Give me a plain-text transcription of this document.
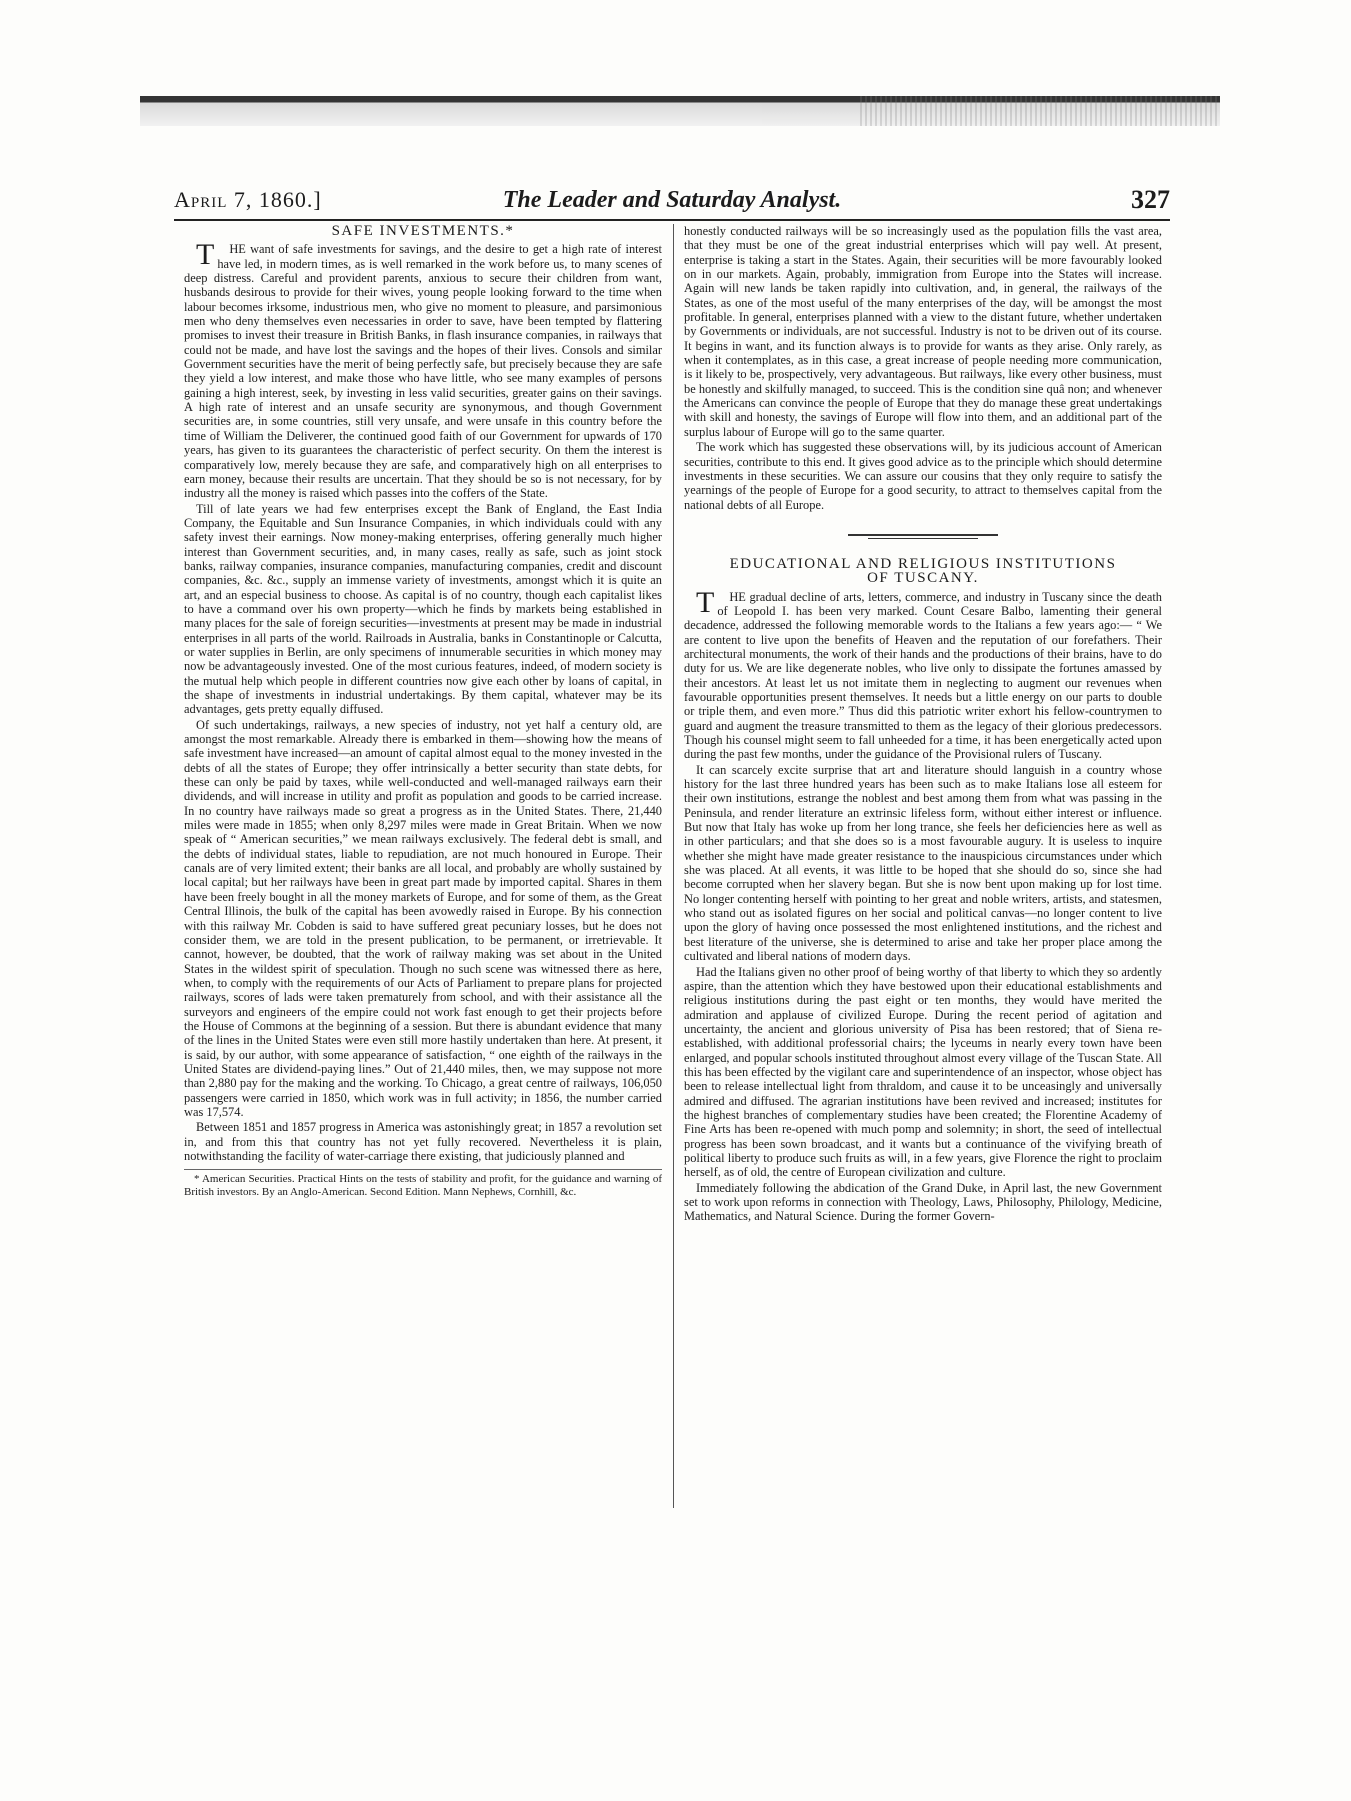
April 7, 1860.]	The Leader and Saturday Analyst.	327
SAFE INVESTMENTS.*

THE want of safe investments for savings, and the desire to get a high rate of interest have led, in modern times, as is well remarked in the work before us, to many scenes of deep distress. Careful and provident parents, anxious to secure their children from want, husbands desirous to provide for their wives, young people looking forward to the time when labour becomes irksome, industrious men, who give no moment to pleasure, and parsimonious men who deny themselves even necessaries in order to save, have been tempted by flattering promises to invest their treasure in British Banks, in flash insurance companies, in railways that could not be made, and have lost the savings and the hopes of their lives. Consols and similar Government securities have the merit of being perfectly safe, but precisely because they are safe they yield a low interest, and make those who have little, who see many examples of persons gaining a high interest, seek, by investing in less valid securities, greater gains on their savings. A high rate of interest and an unsafe security are synonymous, and though Government securities are, in some countries, still very unsafe, and were unsafe in this country before the time of William the Deliverer, the continued good faith of our Government for upwards of 170 years, has given to its guarantees the characteristic of perfect security. On them the interest is comparatively low, merely because they are safe, and comparatively high on all enterprises to earn money, because their results are uncertain. That they should be so is not necessary, for by industry all the money is raised which passes into the coffers of the State.

Till of late years we had few enterprises except the Bank of England, the East India Company, the Equitable and Sun Insurance Companies, in which individuals could with any safety invest their earnings. Now money-making enterprises, offering generally much higher interest than Government securities, and, in many cases, really as safe, such as joint stock banks, railway companies, insurance companies, manufacturing companies, credit and discount companies, &c. &c., supply an immense variety of investments, amongst which it is quite an art, and an especial business to choose. As capital is of no country, though each capitalist likes to have a command over his own property—which he finds by markets being established in many places for the sale of foreign securities—investments at present may be made in industrial enterprises in all parts of the world. Railroads in Australia, banks in Constantinople or Calcutta, or water supplies in Berlin, are only specimens of innumerable securities in which money may now be advantageously invested. One of the most curious features, indeed, of modern society is the mutual help which people in different countries now give each other by loans of capital, in the shape of investments in industrial undertakings. By them capital, whatever may be its advantages, gets pretty equally diffused.

Of such undertakings, railways, a new species of industry, not yet half a century old, are amongst the most remarkable. Already there is embarked in them—showing how the means of safe investment have increased—an amount of capital almost equal to the money invested in the debts of all the states of Europe; they offer intrinsically a better security than state debts, for these can only be paid by taxes, while well-conducted and well-managed railways earn their dividends, and will increase in utility and profit as population and goods to be carried increase. In no country have railways made so great a progress as in the United States. There, 21,440 miles were made in 1855; when only 8,297 miles were made in Great Britain. When we now speak of “ American securities,” we mean railways exclusively. The federal debt is small, and the debts of individual states, liable to repudiation, are not much honoured in Europe. Their canals are of very limited extent; their banks are all local, and probably are wholly sustained by local capital; but her railways have been in great part made by imported capital. Shares in them have been freely bought in all the money markets of Europe, and for some of them, as the Great Central Illinois, the bulk of the capital has been avowedly raised in Europe. By his connection with this railway Mr. Cobden is said to have suffered great pecuniary losses, but he does not consider them, we are told in the present publication, to be permanent, or irretrievable. It cannot, however, be doubted, that the work of railway making was set about in the United States in the wildest spirit of speculation. Though no such scene was witnessed there as here, when, to comply with the requirements of our Acts of Parliament to prepare plans for projected railways, scores of lads were taken prematurely from school, and with their assistance all the surveyors and engineers of the empire could not work fast enough to get their projects before the House of Commons at the beginning of a session. But there is abundant evidence that many of the lines in the United States were even still more hastily undertaken than here. At present, it is said, by our author, with some appearance of satisfaction, “ one eighth of the railways in the United States are dividend-paying lines.” Out of 21,440 miles, then, we may suppose not more than 2,880 pay for the making and the working. To Chicago, a great centre of railways, 106,050 passengers were carried in 1850, which work was in full activity; in 1856, the number carried was 17,574.

Between 1851 and 1857 progress in America was astonishingly great; in 1857 a revolution set in, and from this that country has not yet fully recovered. Nevertheless it is plain, notwithstanding the facility of water-carriage there existing, that judiciously planned and

* American Securities. Practical Hints on the tests of stability and profit, for the guidance and warning of British investors. By an Anglo-American. Second Edition. Mann Nephews, Cornhill, &c.

honestly conducted railways will be so increasingly used as the population fills the vast area, that they must be one of the great industrial enterprises which will pay well. At present, enterprise is taking a start in the States. Again, their securities will be more favourably looked on in our markets. Again, probably, immigration from Europe into the States will increase. Again will new lands be taken rapidly into cultivation, and, in general, the railways of the States, as one of the most useful of the many enterprises of the day, will be amongst the most profitable. In general, enterprises planned with a view to the distant future, whether undertaken by Governments or individuals, are not successful. Industry is not to be driven out of its course. It begins in want, and its function always is to provide for wants as they arise. Only rarely, as when it contemplates, as in this case, a great increase of people needing more communication, is it likely to be, prospectively, very advantageous. But railways, like every other business, must be honestly and skilfully managed, to succeed. This is the condition sine quâ non; and whenever the Americans can convince the people of Europe that they do manage these great undertakings with skill and honesty, the savings of Europe will flow into them, and an additional part of the surplus labour of Europe will go to the same quarter.

The work which has suggested these observations will, by its judicious account of American securities, contribute to this end. It gives good advice as to the principle which should determine investments in these securities. We can assure our cousins that they only require to satisfy the yearnings of the people of Europe for a good security, to attract to themselves capital from the national debts of all Europe.

EDUCATIONAL AND RELIGIOUS INSTITUTIONS
OF TUSCANY.

THE gradual decline of arts, letters, commerce, and industry in Tuscany since the death of Leopold I. has been very marked. Count Cesare Balbo, lamenting their general decadence, addressed the following memorable words to the Italians a few years ago:— “ We are content to live upon the benefits of Heaven and the reputation of our forefathers. Their architectural monuments, the work of their hands and the productions of their brains, have to do duty for us. We are like degenerate nobles, who live only to dissipate the fortunes amassed by their ancestors. At least let us not imitate them in neglecting to augment our revenues when favourable opportunities present themselves. It needs but a little energy on our parts to double or triple them, and even more.” Thus did this patriotic writer exhort his fellow-countrymen to guard and augment the treasure transmitted to them as the legacy of their glorious predecessors. Though his counsel might seem to fall unheeded for a time, it has been energetically acted upon during the past few months, under the guidance of the Provisional rulers of Tuscany.

It can scarcely excite surprise that art and literature should languish in a country whose history for the last three hundred years has been such as to make Italians lose all esteem for their own institutions, estrange the noblest and best among them from what was passing in the Peninsula, and render literature an extrinsic lifeless form, without either interest or influence. But now that Italy has woke up from her long trance, she feels her deficiencies here as well as in other particulars; and that she does so is a most favourable augury. It is useless to inquire whether she might have made greater resistance to the inauspicious circumstances under which she was placed. At all events, it was little to be hoped that she should do so, since she had become corrupted when her slavery began. But she is now bent upon making up for lost time. No longer contenting herself with pointing to her great and noble writers, artists, and statesmen, who stand out as isolated figures on her social and political canvas—no longer content to live upon the glory of having once possessed the most enlightened institutions, and the richest and best literature of the universe, she is determined to arise and take her proper place among the cultivated and liberal nations of modern days.

Had the Italians given no other proof of being worthy of that liberty to which they so ardently aspire, than the attention which they have bestowed upon their educational establishments and religious institutions during the past eight or ten months, they would have merited the admiration and applause of civilized Europe. During the recent period of agitation and uncertainty, the ancient and glorious university of Pisa has been restored; that of Siena re-established, with additional professorial chairs; the lyceums in nearly every town have been enlarged, and popular schools instituted throughout almost every village of the Tuscan State. All this has been effected by the vigilant care and superintendence of an inspector, whose object has been to release intellectual light from thraldom, and cause it to be unceasingly and universally admired and diffused. The agrarian institutions have been revived and increased; institutes for the highest branches of complementary studies have been created; the Florentine Academy of Fine Arts has been re-opened with much pomp and solemnity; in short, the seed of intellectual progress has been sown broadcast, and it wants but a continuance of the vivifying breath of political liberty to produce such fruits as will, in a few years, give Florence the right to proclaim herself, as of old, the centre of European civilization and culture.

Immediately following the abdication of the Grand Duke, in April last, the new Government set to work upon reforms in connection with Theology, Laws, Philosophy, Philology, Medicine, Mathematics, and Natural Science. During the former Govern-
